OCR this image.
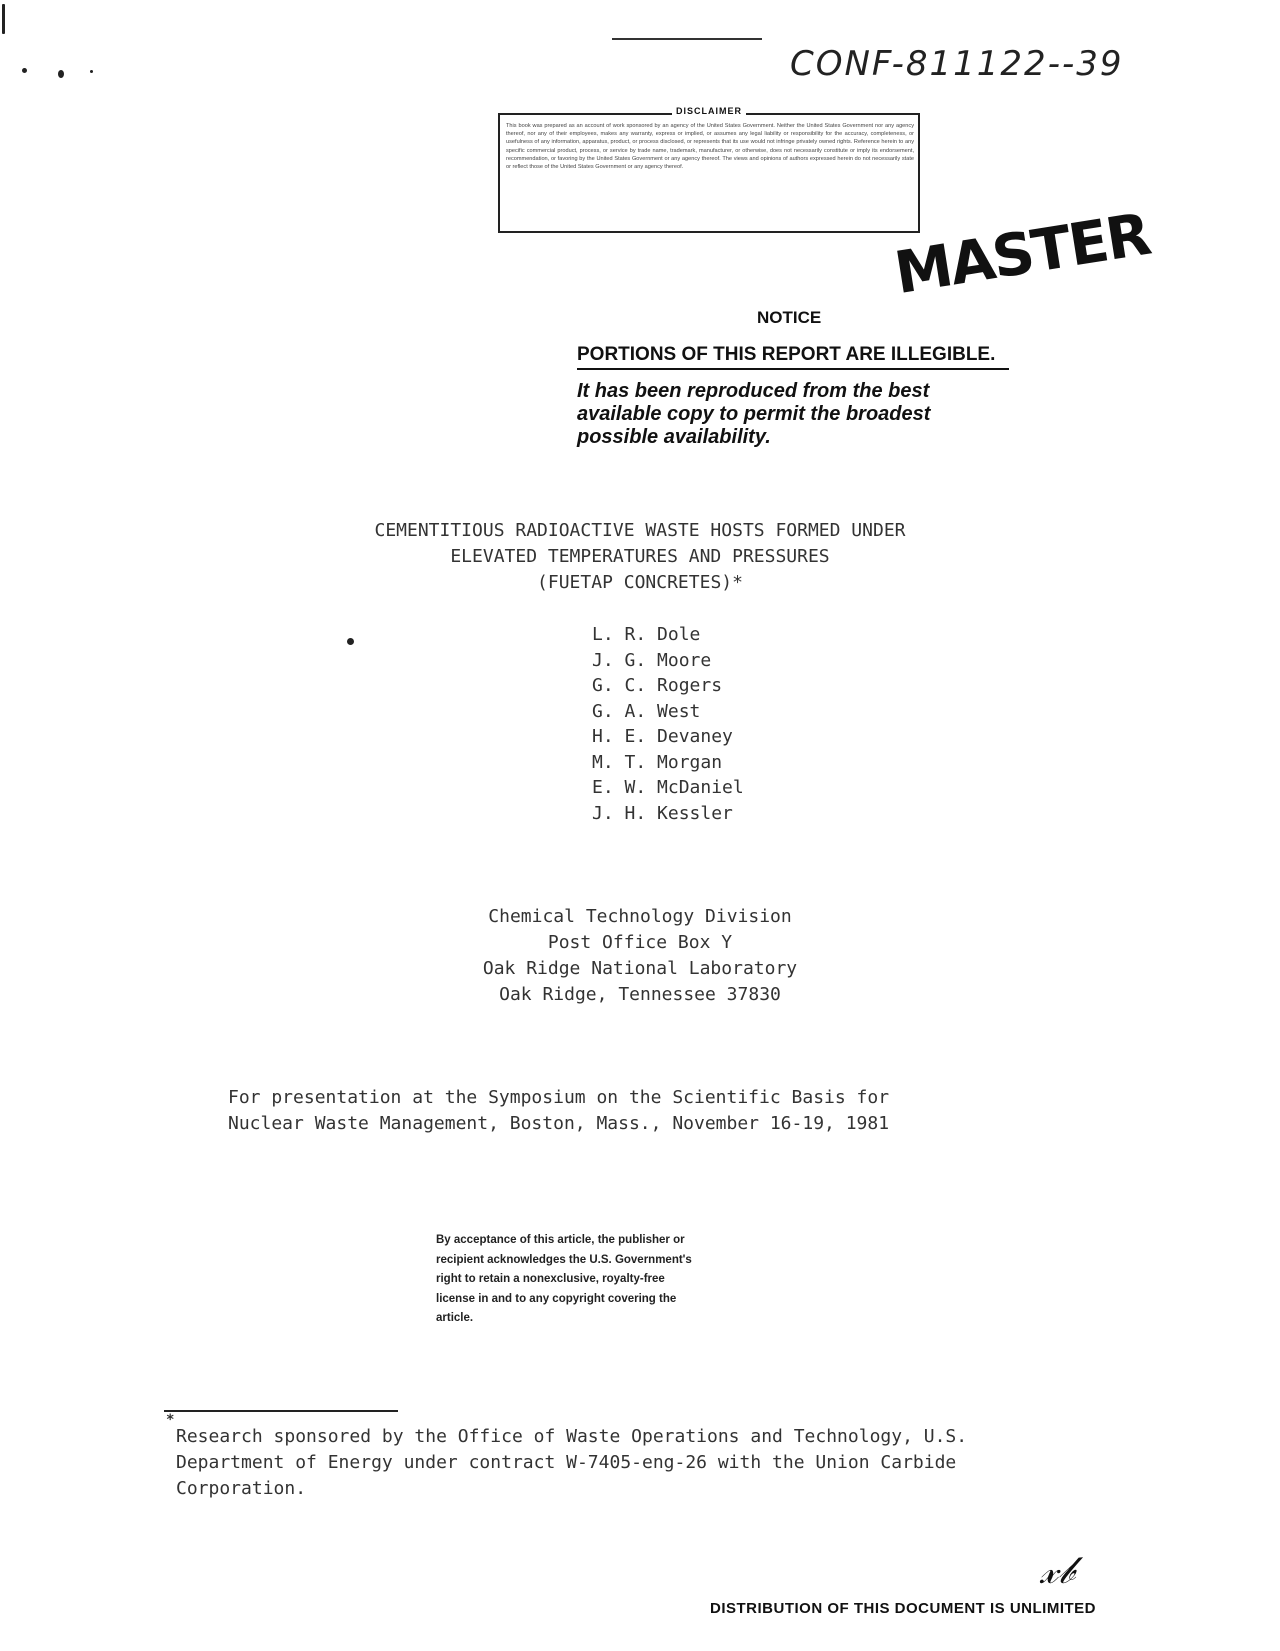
CONF-811122--39
DISCLAIMER
This book was prepared as an account of work sponsored by an agency of the United States Government. Neither the United States Government nor any agency thereof, nor any of their employees, makes any warranty, express or implied, or assumes any legal liability or responsibility for the accuracy, completeness, or usefulness of any information, apparatus, product, or process disclosed, or represents that its use would not infringe privately owned rights. Reference herein to any specific commercial product, process, or service by trade name, trademark, manufacturer, or otherwise, does not necessarily constitute or imply its endorsement, recommendation, or favoring by the United States Government or any agency thereof. The views and opinions of authors expressed herein do not necessarily state or reflect those of the United States Government or any agency thereof.
MASTER
NOTICE
PORTIONS OF THIS REPORT ARE ILLEGIBLE.
It has been reproduced from the best available copy to permit the broadest possible availability.
CEMENTITIOUS RADIOACTIVE WASTE HOSTS FORMED UNDER
ELEVATED TEMPERATURES AND PRESSURES
(FUETAP CONCRETES)*
L. R. Dole
J. G. Moore
G. C. Rogers
G. A. West
H. E. Devaney
M. T. Morgan
E. W. McDaniel
J. H. Kessler
Chemical Technology Division
Post Office Box Y
Oak Ridge National Laboratory
Oak Ridge, Tennessee 37830
For presentation at the Symposium on the Scientific Basis for
Nuclear Waste Management, Boston, Mass., November 16-19, 1981
By acceptance of this article, the publisher or recipient acknowledges the U.S. Government's right to retain a nonexclusive, royalty-free license in and to any copyright covering the article.
*
Research sponsored by the Office of Waste Operations and Technology, U.S.
Department of Energy under contract W-7405-eng-26 with the Union Carbide
Corporation.
𝓍𝒷
DISTRIBUTION OF THIS DOCUMENT IS UNLIMITED
